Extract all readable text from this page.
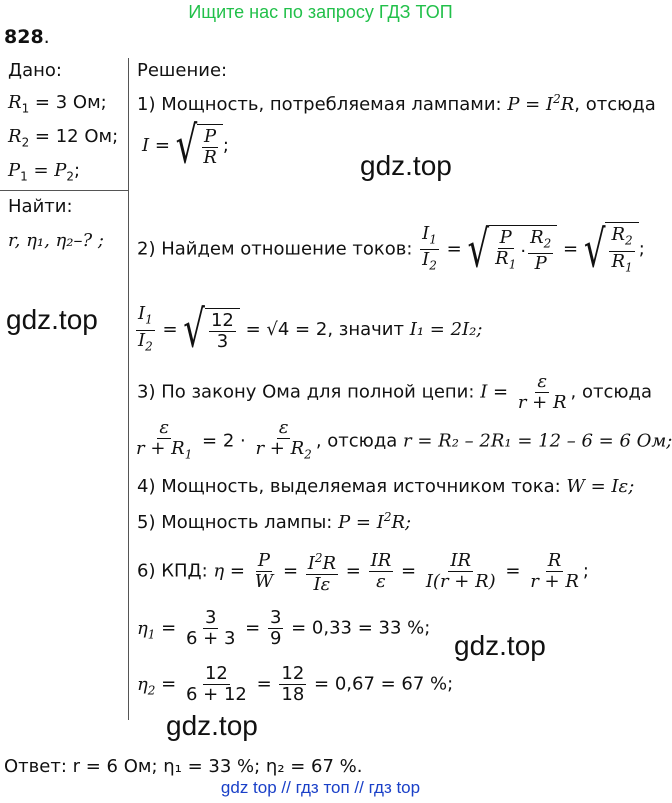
Ищите нас по запросу ГДЗ ТОП
828.
Дано:
$R_1 = 3$ Ом;
$R_2 = 12$ Ом;
$P_1 = P_2$;
Найти:
r, η₁, η₂–? ;
Решение:
1) Мощность, потребляемая лампами: $P = I^2R$, отсюда
I = √ $\frac{P}{R}$ ;
2) Найдем отношение токов: $\frac{I_1}{I_2}$ = √ $\frac{P}{R_1} \cdot \frac{R_2}{P}$ = √ $\frac{R_2}{R_1}$ ;
$\frac{I_1}{I_2}$ = √ $\frac{12}{3} = √4 = 2$, значит I₁ = 2I₂;
3) По закону Ома для полной цепи: $I = \frac{\varepsilon}{r + R}$ , отсюда
$\frac{\varepsilon}{r + R_1} = 2 \cdot \frac{\varepsilon}{r + R_2}$ , отсюда r = R₂ – 2R₁ = 12 – 6 = 6 Ом;
4) Мощность, выделяемая источником тока: W = Iε;
5) Мощность лампы: $P = I^2R$;
6) КПД: $\eta = \frac{P}{W} = \frac{I^2R}{I\varepsilon} = \frac{IR}{\varepsilon} = \frac{IR}{I(r + R)} = \frac{R}{r + R}$ ;
$\eta_1 = \frac{3}{6 + 3} = \frac{3}{9} = 0,33 = 33$ %;
$\eta_2 = \frac{12}{6 + 12} = \frac{12}{18} = 0,67 = 67$ %;
Ответ: r = 6 Ом; η₁ = 33 %; η₂ = 67 %.
gdz.top
gdz.top
gdz.top
gdz.top
gdz top // гдз топ // гдз top
